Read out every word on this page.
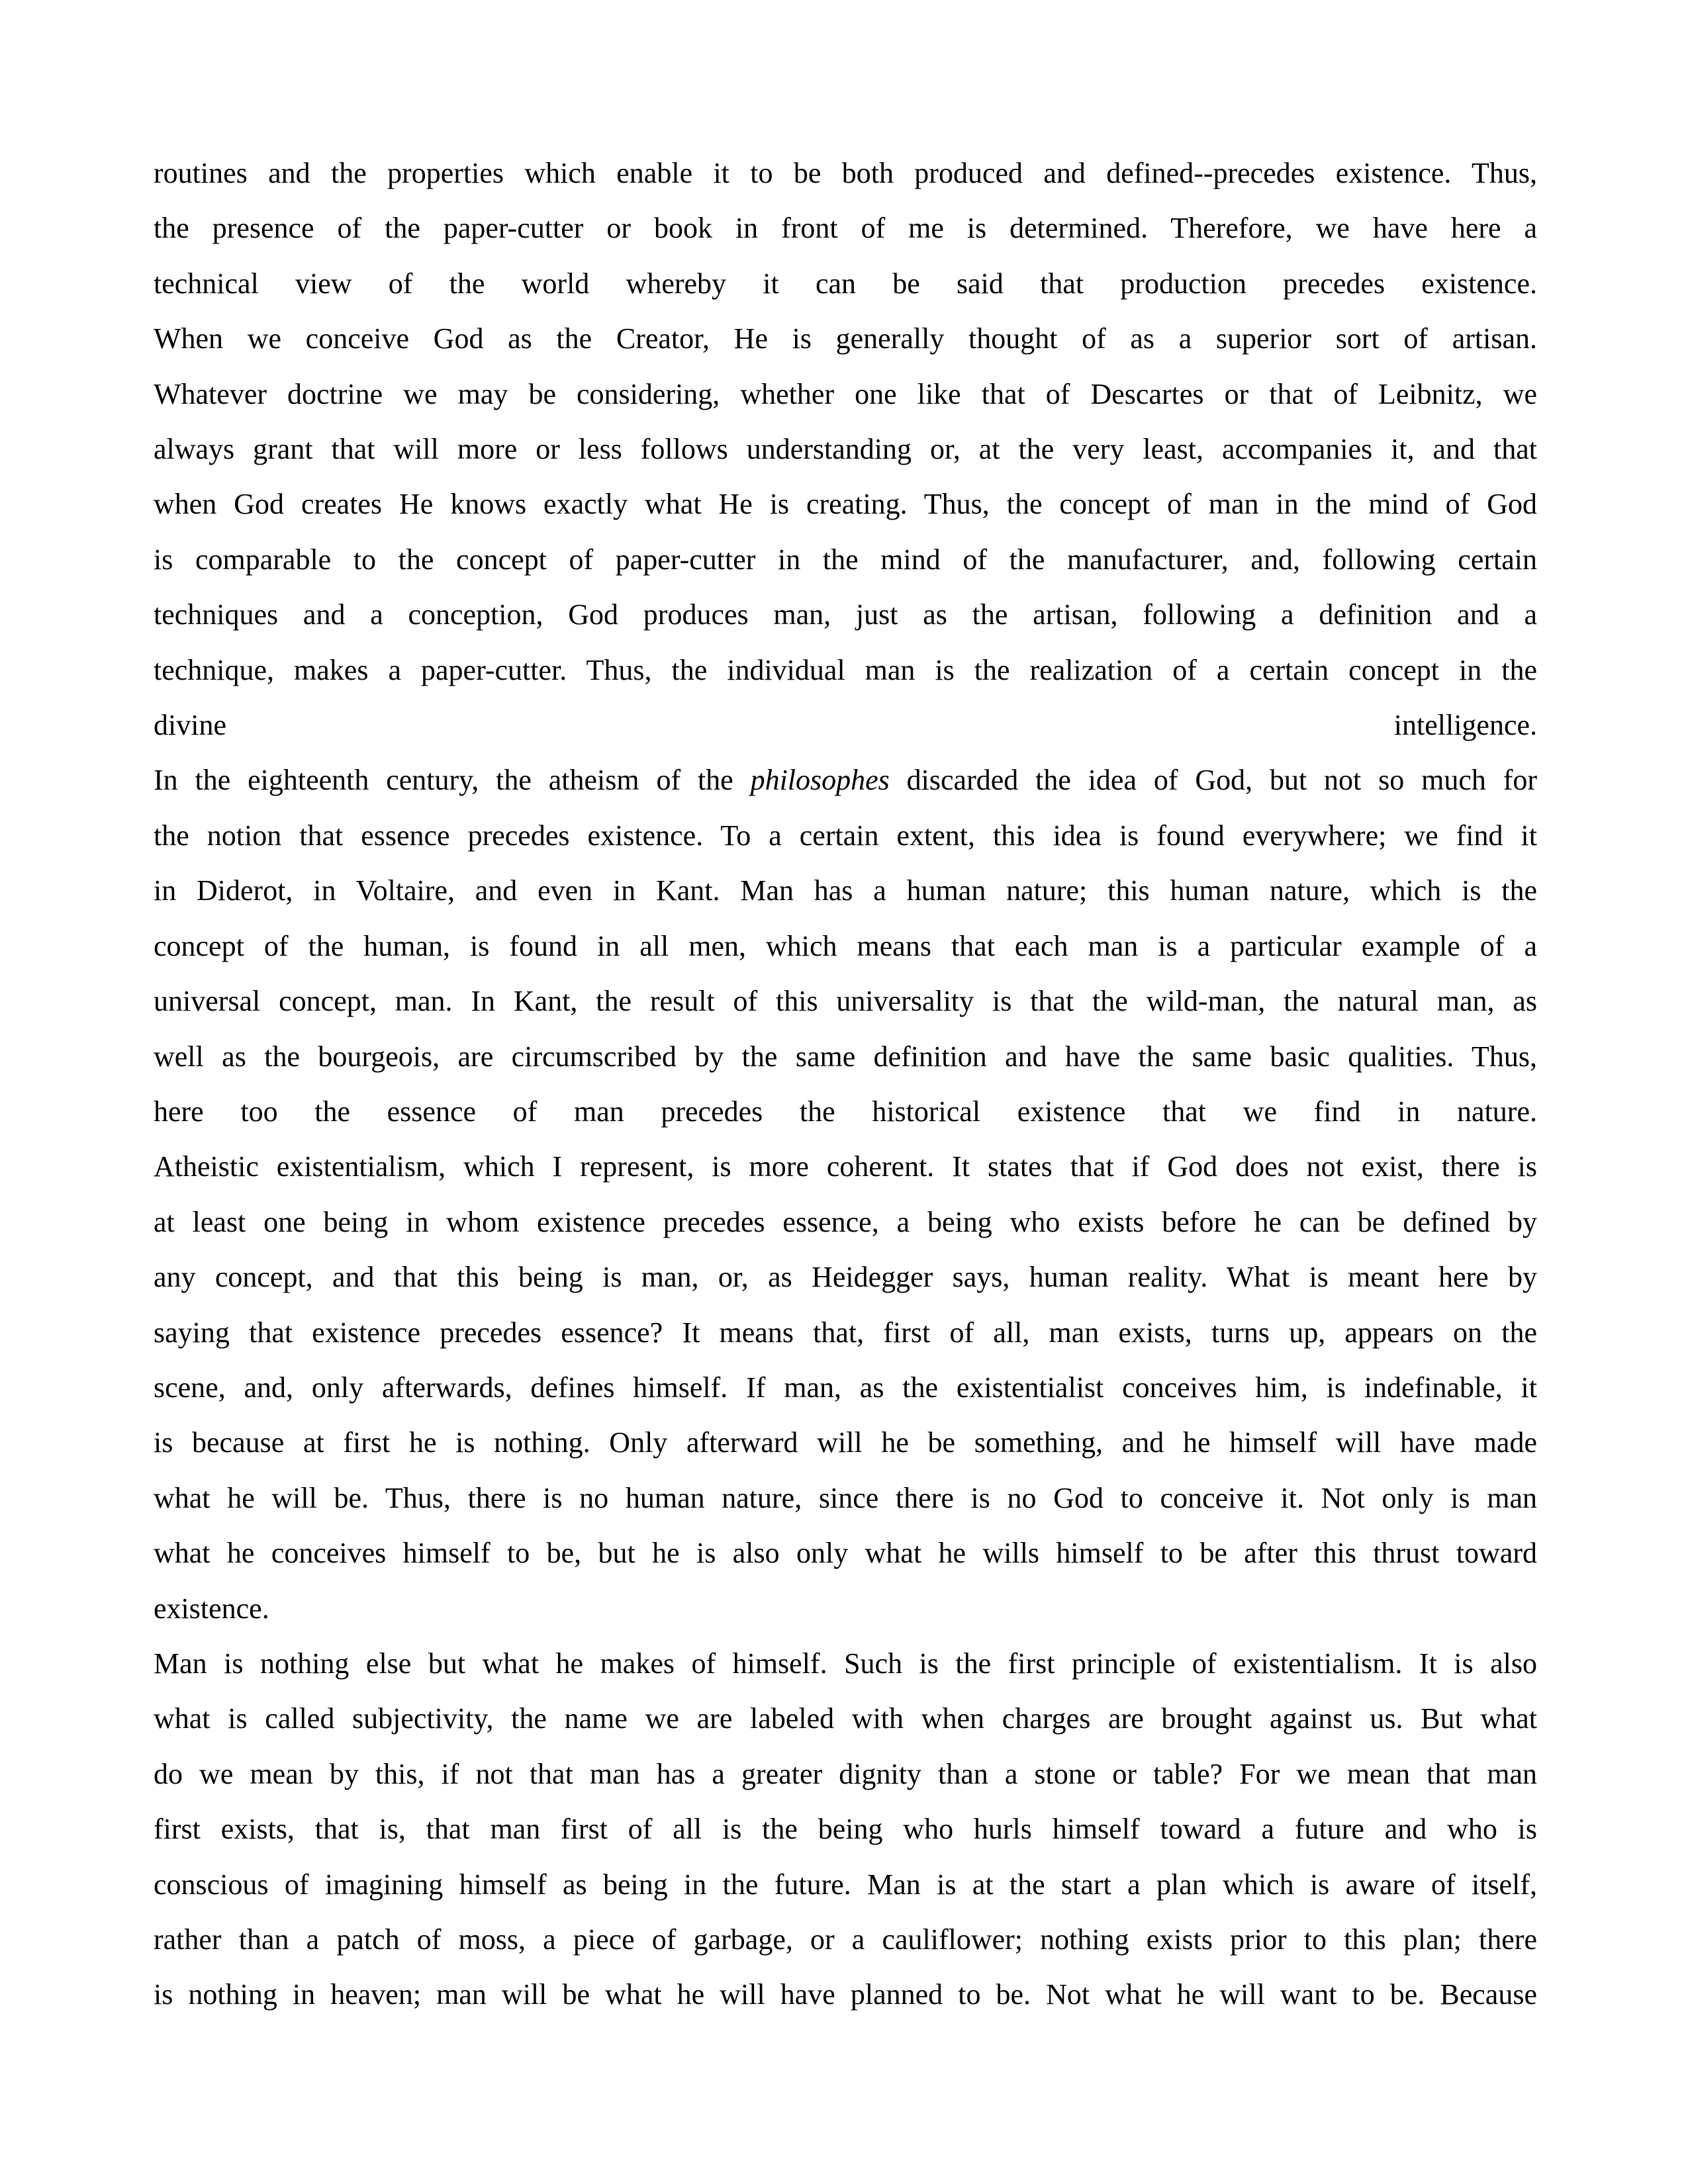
routines and the properties which enable it to be both produced and defined--precedes existence. Thus,
the presence of the paper-cutter or book in front of me is determined. Therefore, we have here a
technical view of the world whereby it can be said that production precedes existence.
When we conceive God as the Creator, He is generally thought of as a superior sort of artisan.
Whatever doctrine we may be considering, whether one like that of Descartes or that of Leibnitz, we
always grant that will more or less follows understanding or, at the very least, accompanies it, and that
when God creates He knows exactly what He is creating. Thus, the concept of man in the mind of God
is comparable to the concept of paper-cutter in the mind of the manufacturer, and, following certain
techniques and a conception, God produces man, just as the artisan, following a definition and a
technique, makes a paper-cutter. Thus, the individual man is the realization of a certain concept in the
divine intelligence.
In the eighteenth century, the atheism of the philosophes discarded the idea of God, but not so much for
the notion that essence precedes existence. To a certain extent, this idea is found everywhere; we find it
in Diderot, in Voltaire, and even in Kant. Man has a human nature; this human nature, which is the
concept of the human, is found in all men, which means that each man is a particular example of a
universal concept, man. In Kant, the result of this universality is that the wild-man, the natural man, as
well as the bourgeois, are circumscribed by the same definition and have the same basic qualities. Thus,
here too the essence of man precedes the historical existence that we find in nature.
Atheistic existentialism, which I represent, is more coherent. It states that if God does not exist, there is
at least one being in whom existence precedes essence, a being who exists before he can be defined by
any concept, and that this being is man, or, as Heidegger says, human reality. What is meant here by
saying that existence precedes essence? It means that, first of all, man exists, turns up, appears on the
scene, and, only afterwards, defines himself. If man, as the existentialist conceives him, is indefinable, it
is because at first he is nothing. Only afterward will he be something, and he himself will have made
what he will be. Thus, there is no human nature, since there is no God to conceive it. Not only is man
what he conceives himself to be, but he is also only what he wills himself to be after this thrust toward
existence.
Man is nothing else but what he makes of himself. Such is the first principle of existentialism. It is also
what is called subjectivity, the name we are labeled with when charges are brought against us. But what
do we mean by this, if not that man has a greater dignity than a stone or table? For we mean that man
first exists, that is, that man first of all is the being who hurls himself toward a future and who is
conscious of imagining himself as being in the future. Man is at the start a plan which is aware of itself,
rather than a patch of moss, a piece of garbage, or a cauliflower; nothing exists prior to this plan; there
is nothing in heaven; man will be what he will have planned to be. Not what he will want to be. Because
